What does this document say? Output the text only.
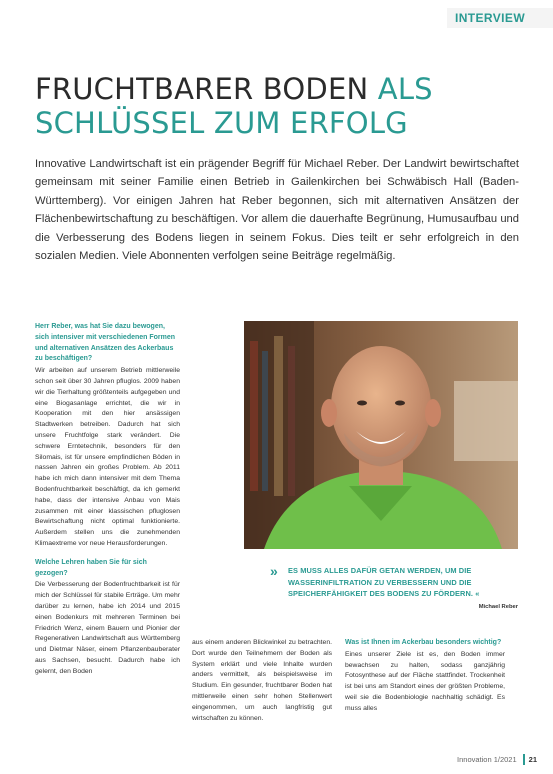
INTERVIEW
FRUCHTBARER BODEN ALS
SCHLÜSSEL ZUM ERFOLG

Innovative Landwirtschaft ist ein prägender Begriff für Michael Reber. Der Landwirt bewirtschaftet gemeinsam mit seiner Familie einen Betrieb in Gailenkirchen bei Schwäbisch Hall (Baden-Württemberg). Vor einigen Jahren hat Reber begonnen, sich mit alternativen Ansätzen der Flächenbewirtschaftung zu beschäftigen. Vor allem die dauerhafte Begrünung, Humusaufbau und die Verbesserung des Bodens liegen in seinem Fokus. Dies teilt er sehr erfolgreich in den sozialen Medien. Viele Abonnenten verfolgen seine Beiträge regelmäßig.

Herr Reber, was hat Sie dazu bewogen, sich intensiver mit verschiedenen Formen und alternativen Ansätzen des Ackerbaus zu beschäftigen?

Wir arbeiten auf unserem Betrieb mittlerweile schon seit über 30 Jahren pfluglos. 2009 haben wir die Tierhaltung größtenteils aufgegeben und eine Biogasanlage errichtet, die wir in Kooperation mit den hier ansässigen Stadtwerken betreiben. Dadurch hat sich unsere Fruchtfolge stark verändert. Die schwere Erntetechnik, besonders für den Silomais, ist für unsere empfindlichen Böden in nassen Jahren ein großes Problem. Ab 2011 habe ich mich dann intensiver mit dem Thema Bodenfruchtbarkeit beschäftigt, da ich gemerkt habe, dass der intensive Anbau von Mais zusammen mit einer klassischen pfluglosen Bewirtschaftung nicht optimal funktionierte. Außerdem stellen uns die zunehmenden Klimaextreme vor neue Herausforderungen.

Welche Lehren haben Sie für sich gezogen?

Die Verbesserung der Bodenfruchtbarkeit ist für mich der Schlüssel für stabile Erträge. Um mehr darüber zu lernen, habe ich 2014 und 2015 einen Bodenkurs mit mehreren Terminen bei Friedrich Wenz, einem Bauern und Pionier der Regenerativen Landwirtschaft aus Württemberg und Dietmar Näser, einem Pflanzenbauberater aus Sachsen, besucht. Dadurch habe ich gelernt, den Boden

» ES MUSS ALLES DAFÜR GETAN WERDEN, UM DIE WASSERINFILTRATION ZU VERBESSERN UND DIE SPEICHERFÄHIGKEIT DES BODENS ZU FÖRDERN. «

Michael Reber

aus einem anderen Blickwinkel zu betrachten. Dort wurde den Teilnehmern der Boden als System erklärt und viele Inhalte wurden anders vermittelt, als beispielsweise im Studium. Ein gesunder, fruchtbarer Boden hat mittlerweile einen sehr hohen Stellenwert eingenommen, um auch langfristig gut wirtschaften zu können.

Was ist Ihnen im Ackerbau besonders wichtig?

Eines unserer Ziele ist es, den Boden immer bewachsen zu halten, sodass ganzjährig Fotosynthese auf der Fläche stattfindet. Trockenheit ist bei uns am Standort eines der größten Probleme, weil sie die Bodenbiologie nachhaltig schädigt. Es muss alles

Innovation 1/2021	21
